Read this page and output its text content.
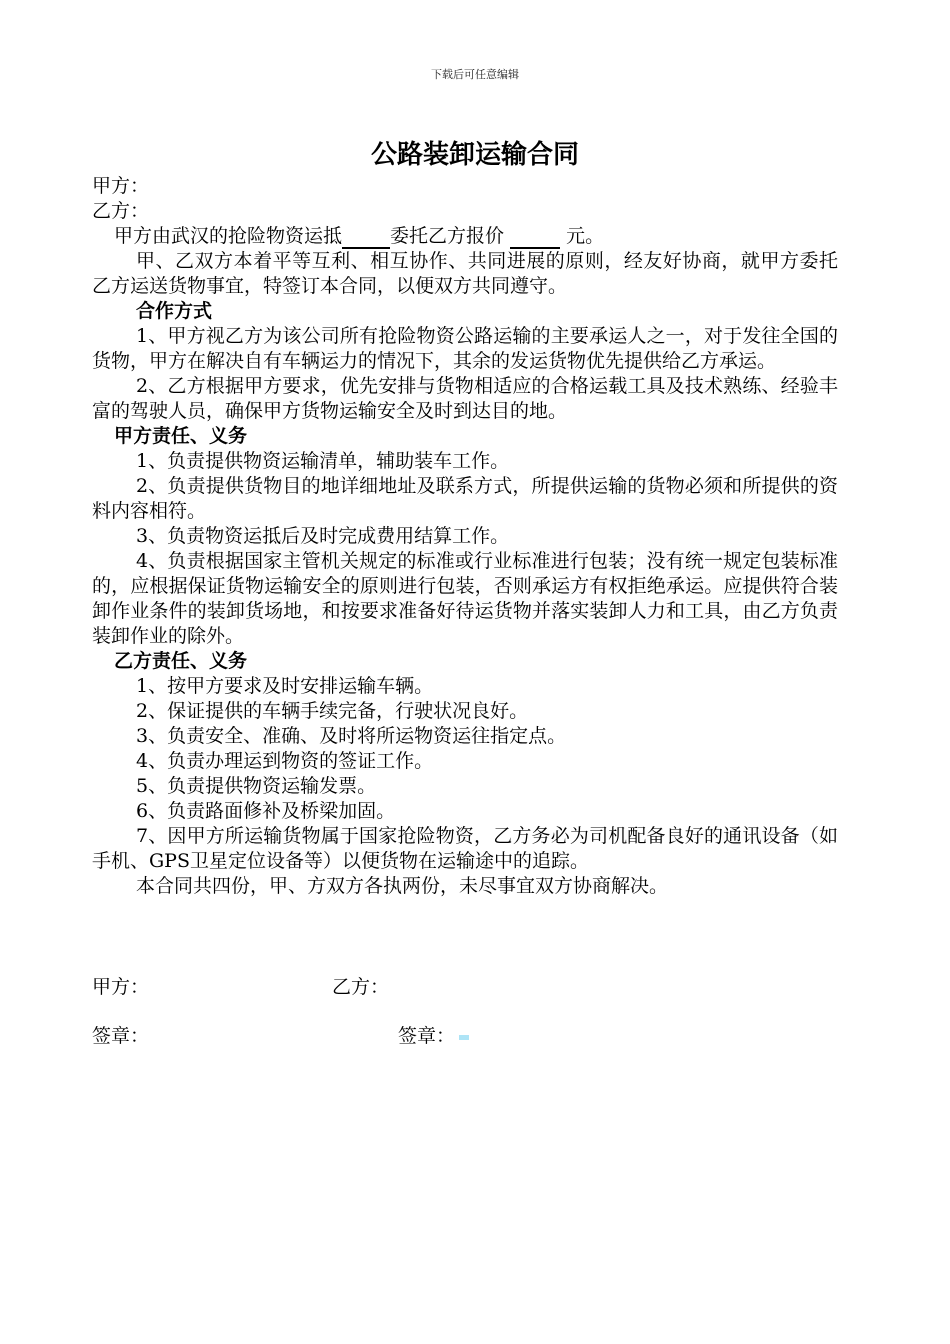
下载后可任意编辑
公路装卸运输合同

甲方：

乙方：

甲方由武汉的抢险物资运抵	委托乙方报价	元。

甲、乙双方本着平等互利、相互协作、共同进展的原则，经友好协商，就甲方委托乙方运送货物事宜，特签订本合同，以便双方共同遵守。

合作方式

1、甲方视乙方为该公司所有抢险物资公路运输的主要承运人之一，对于发往全国的货物，甲方在解决自有车辆运力的情况下，其余的发运货物优先提供给乙方承运。

2、乙方根据甲方要求，优先安排与货物相适应的合格运载工具及技术熟练、经验丰富的驾驶人员，确保甲方货物运输安全及时到达目的地。

甲方责任、义务

1、负责提供物资运输清单，辅助装车工作。

2、负责提供货物目的地详细地址及联系方式，所提供运输的货物必须和所提供的资料内容相符。

3、负责物资运抵后及时完成费用结算工作。

4、负责根据国家主管机关规定的标准或行业标准进行包装；没有统一规定包装标准的，应根据保证货物运输安全的原则进行包装，否则承运方有权拒绝承运。应提供符合装卸作业条件的装卸货场地，和按要求准备好待运货物并落实装卸人力和工具，由乙方负责装卸作业的除外。

乙方责任、义务

1、按甲方要求及时安排运输车辆。

2、保证提供的车辆手续完备，行驶状况良好。

3、负责安全、准确、及时将所运物资运往指定点。

4、负责办理运到物资的签证工作。

5、负责提供物资运输发票。

6、负责路面修补及桥梁加固。

7、因甲方所运输货物属于国家抢险物资，乙方务必为司机配备良好的通讯设备（如手机、GPS卫星定位设备等）以便货物在运输途中的追踪。

本合同共四份，甲、方双方各执两份，未尽事宜双方协商解决。

甲方：	乙方：
签章：	签章：
